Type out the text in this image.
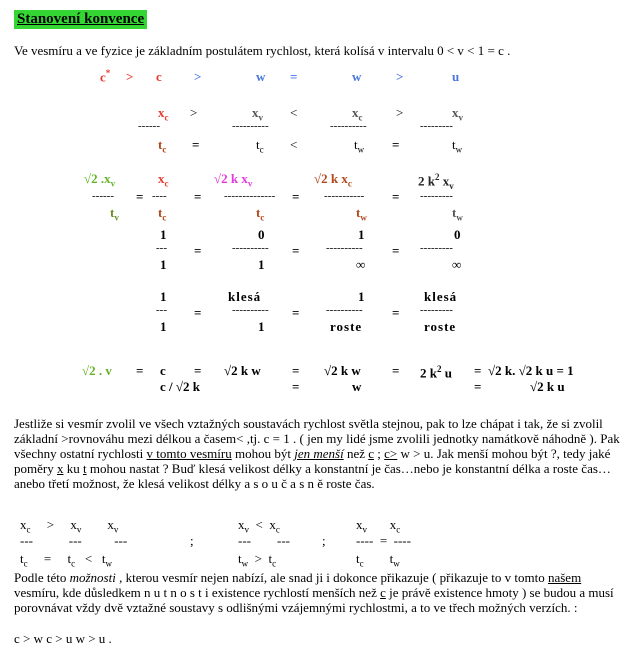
Stanovení konvence
Ve vesmíru a ve fyzice je základním postulátem rychlost, která kolísá v intervalu 0 < v < 1 = c .
c* > c >	w =	w	>	u
$x_c$ >	$x_v$ <	$x_c$	>	$x_v$
------	----------	----------	---------
$t_c$ =	$t_c$ <	$t_w$ =	$t_w$
√2 $.x_v$	$x_c$	√2 k $x_v$	√2 k $x_c$	2 $k^2$ $x_v$
------ = ---- = -------------- = ----------- = ---------
$t_v$	$t_c$	$t_c$	$t_w$	$t_w$
1	0	1	0
--- =	---------- = ---------- = ---------
1	1	∞	∞
1	klesá	1	klesá
--- =	---------- = ---------- = ---------
1	1	roste	roste
√2 . v = c = √2 k w = √2 k w = 2 $k^2$ u = √2 k. √2 k u = 1
c / √2 k	=	w	=	√2 k u
Jestliže si vesmír zvolil ve všech vztažných soustavách rychlost světla stejnou, pak to lze chápat i tak, že si zvolil základní >rovnováhu mezi délkou a časem< ,tj. c = 1 . ( jen my lidé jsme zvolili jednotky namátkově náhodně ). Pak všechny ostatní rychlosti v tomto vesmíru mohou být jen menší než c ; c> w > u. Jak menší mohou být ?, tedy jaké poměry x ku t mohou nastat ? Buď klesá velikost délky a konstantní je čas…nebo je konstantní délka a roste čas…anebo třetí možnost, že klesá velikost délky a s o u č a s n ě roste čas.
$x_c$     >     $x_v$        $x_v$	$x_v < x_c$	$x_v$       $x_c$
---           ---          ---	;	---        --- ; ----  =  ----
$t_c$     =     $t_c < t_w$	$t_w > t_c$	$t_c$        $t_w$
Podle této možnosti , kterou vesmír nejen nabízí, ale snad ji i dokonce přikazuje ( přikazuje to v tomto našem vesmíru, kde důsledkem n u t n o s t i existence rychlostí menších než c je právě existence hmoty ) se budou a musí porovnávat vždy dvě vztažné soustavy s odlišnými vzájemnými rychlostmi, a to ve třech možných verzích. :
c > w c > u w > u .
